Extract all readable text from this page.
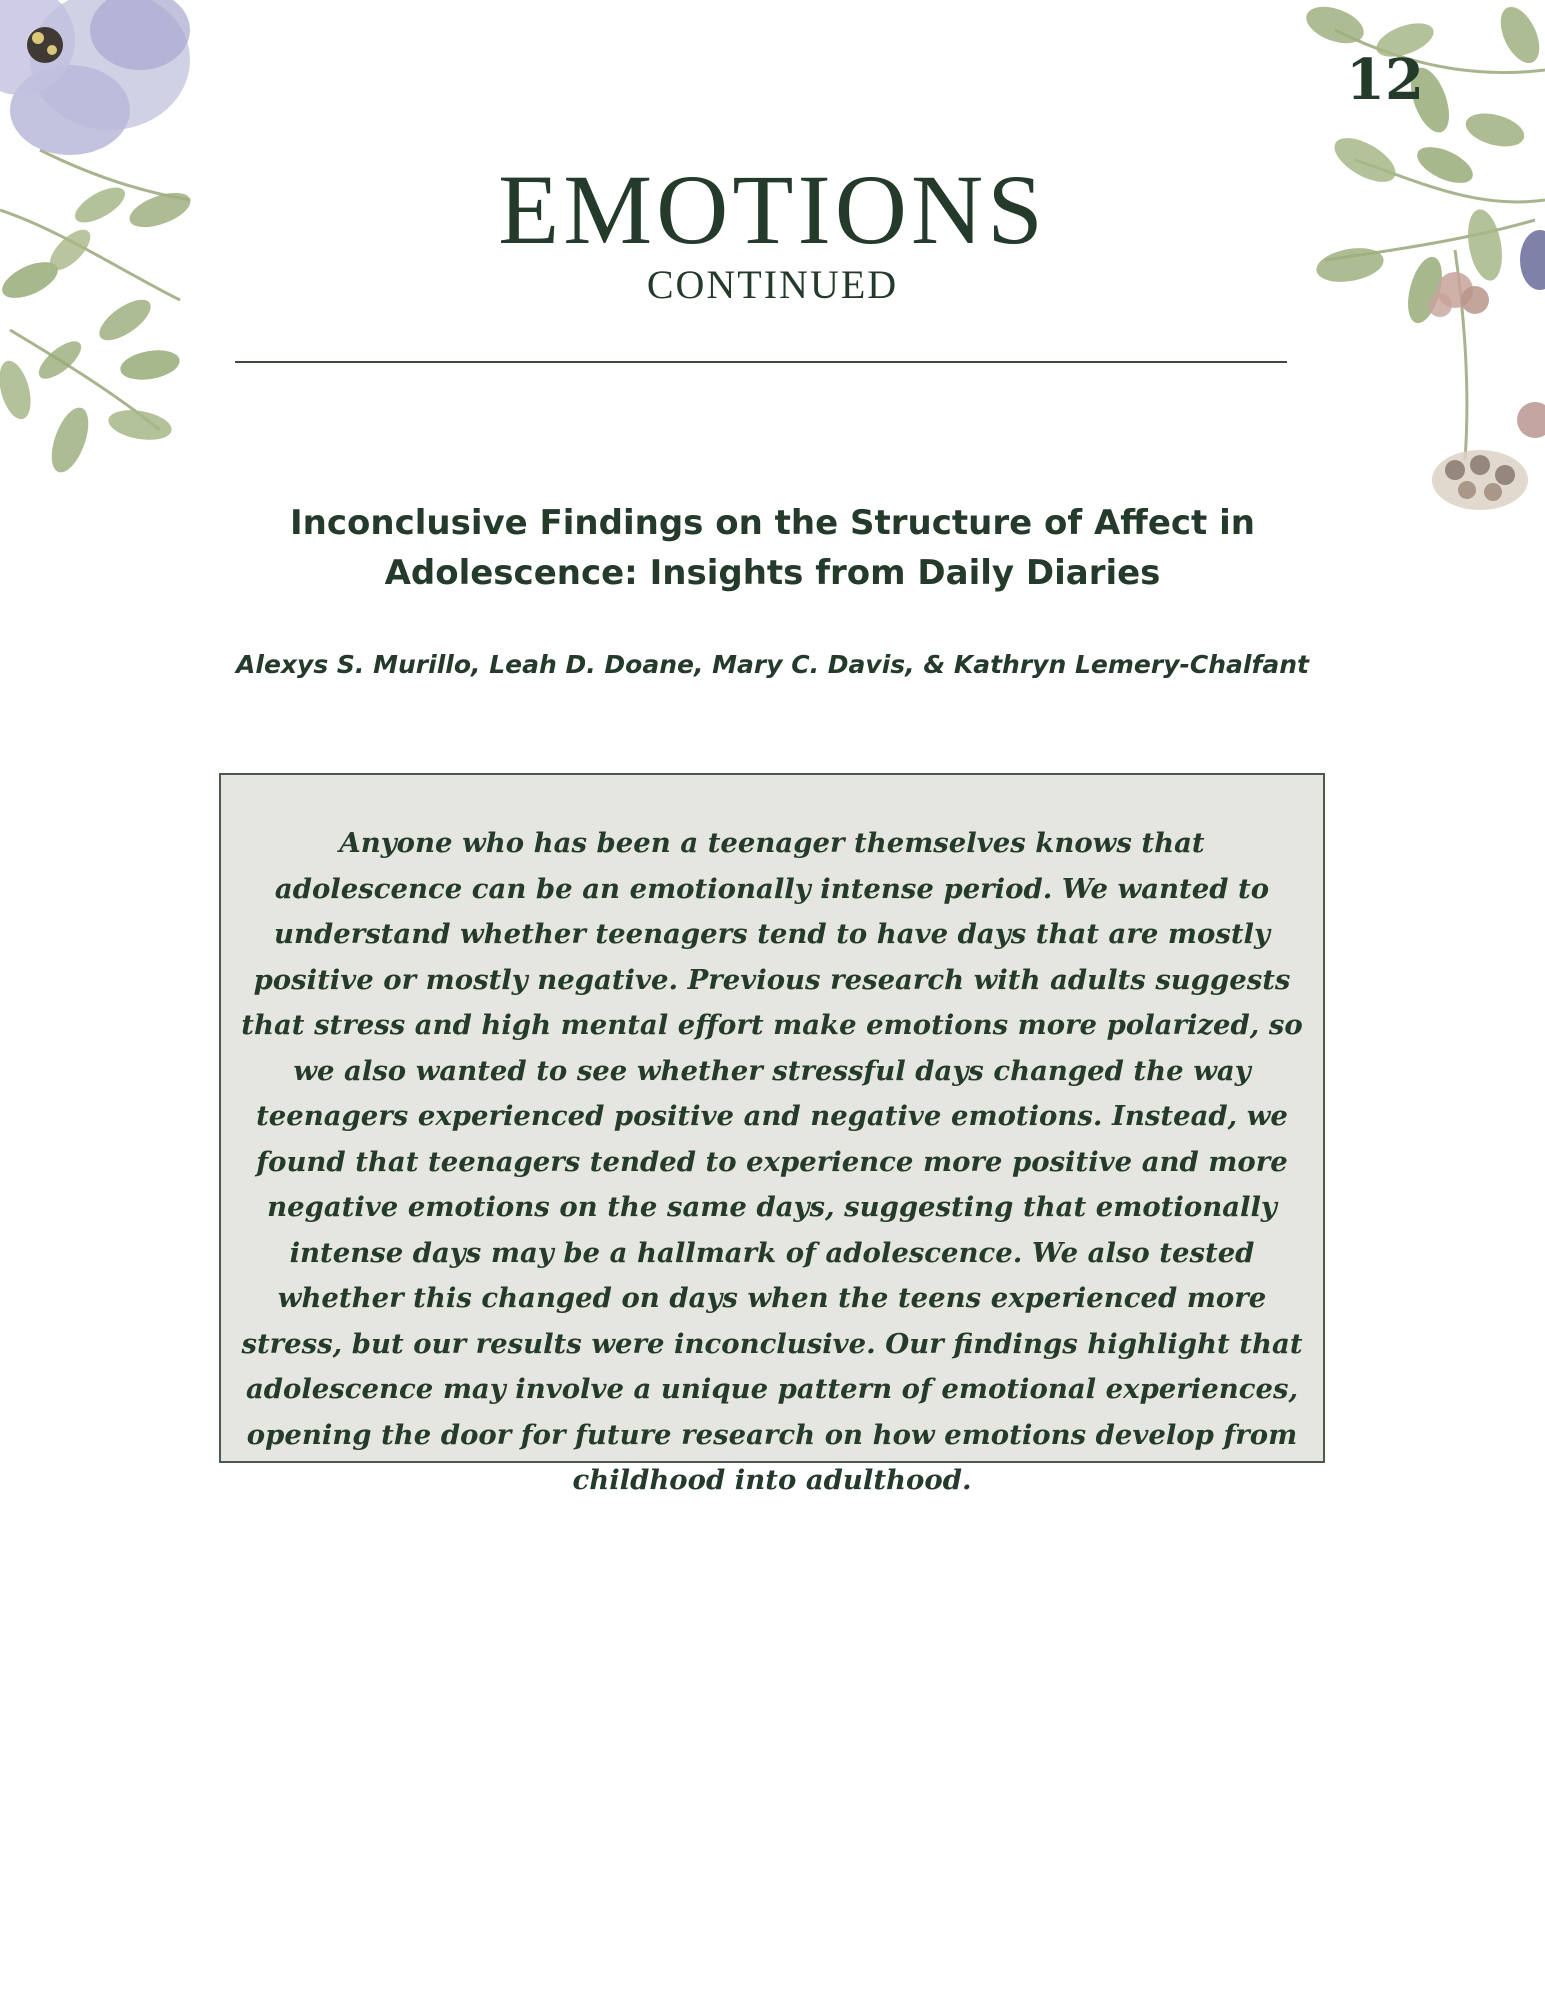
12
EMOTIONS
CONTINUED
Inconclusive Findings on the Structure of Affect in Adolescence: Insights from Daily Diaries
Alexys S. Murillo, Leah D. Doane, Mary C. Davis, & Kathryn Lemery-Chalfant

Anyone who has been a teenager themselves knows that adolescence can be an emotionally intense period. We wanted to understand whether teenagers tend to have days that are mostly positive or mostly negative. Previous research with adults suggests that stress and high mental effort make emotions more polarized, so we also wanted to see whether stressful days changed the way teenagers experienced positive and negative emotions. Instead, we found that teenagers tended to experience more positive and more negative emotions on the same days, suggesting that emotionally intense days may be a hallmark of adolescence. We also tested whether this changed on days when the teens experienced more stress, but our results were inconclusive. Our findings highlight that adolescence may involve a unique pattern of emotional experiences, opening the door for future research on how emotions develop from childhood into adulthood.
